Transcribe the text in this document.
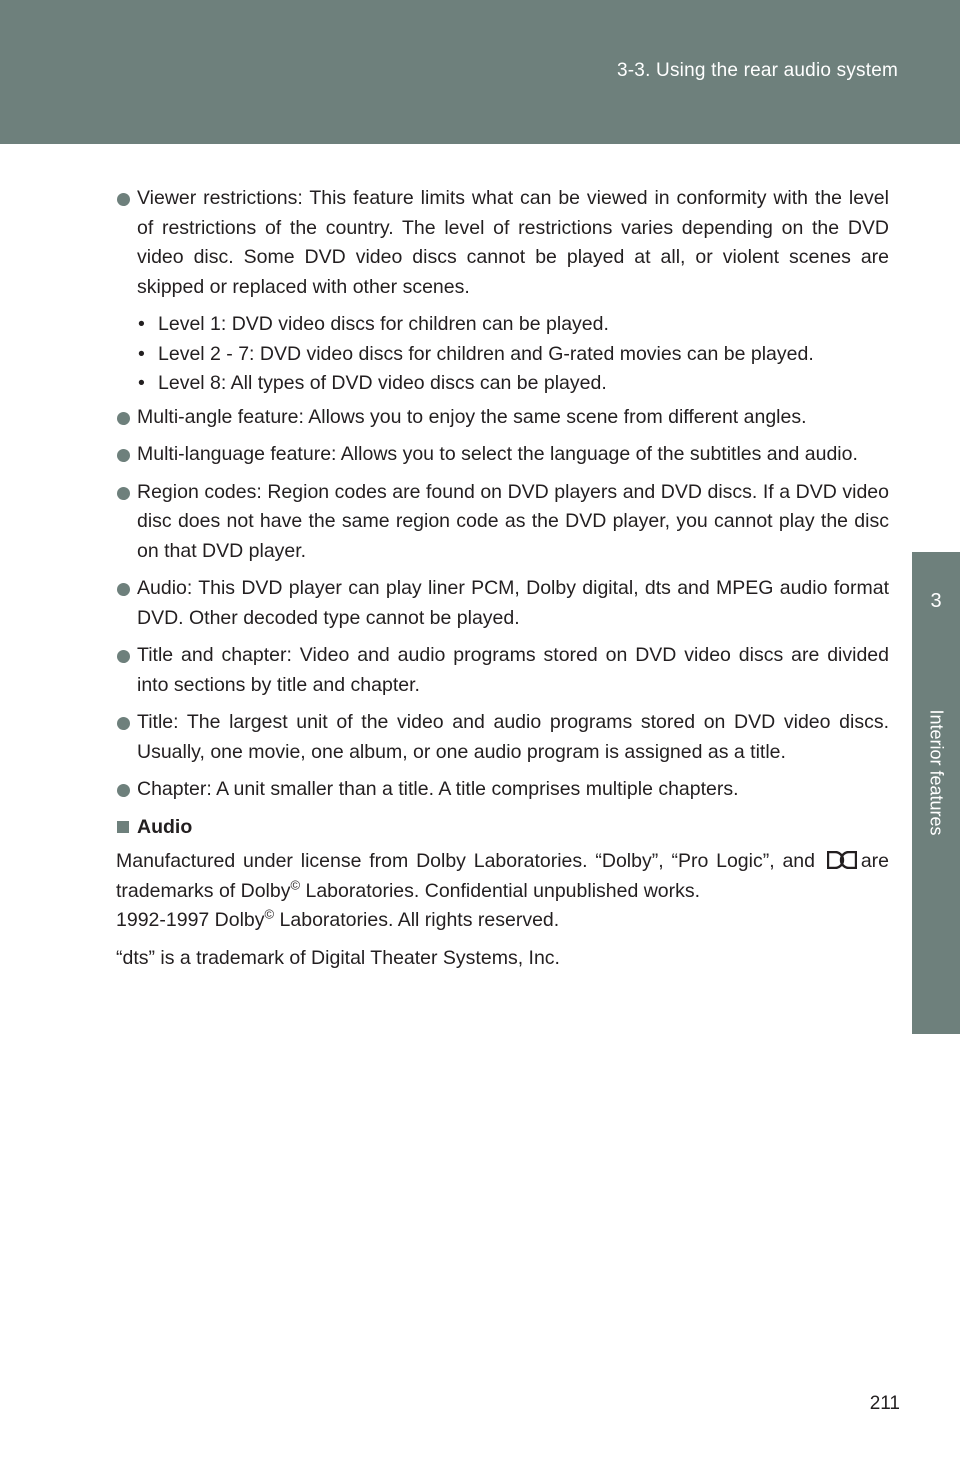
3-3. Using the rear audio system
3
Interior features
Viewer restrictions: This feature limits what can be viewed in conformity with the level of restrictions of the country. The level of restrictions varies depending on the DVD video disc. Some DVD video discs cannot be played at all, or violent scenes are skipped or replaced with other scenes.
• Level 1: DVD video discs for children can be played.
• Level 2 - 7: DVD video discs for children and G-rated movies can be played.
• Level 8: All types of DVD video discs can be played.
Multi-angle feature: Allows you to enjoy the same scene from different angles.
Multi-language feature: Allows you to select the language of the subtitles and audio.
Region codes: Region codes are found on DVD players and DVD discs. If a DVD video disc does not have the same region code as the DVD player, you cannot play the disc on that DVD player.
Audio: This DVD player can play liner PCM, Dolby digital, dts and MPEG audio format DVD. Other decoded type cannot be played.
Title and chapter: Video and audio programs stored on DVD video discs are divided into sections by title and chapter.
Title: The largest unit of the video and audio programs stored on DVD video discs. Usually, one movie, one album, or one audio program is assigned as a title.
Chapter: A unit smaller than a title. A title comprises multiple chapters.
Audio
Manufactured under license from Dolby Laboratories. “Dolby”, “Pro Logic”, and are trademarks of Dolby© Laboratories. Confidential unpublished works.
1992-1997 Dolby© Laboratories. All rights reserved.
“dts” is a trademark of Digital Theater Systems, Inc.
211
